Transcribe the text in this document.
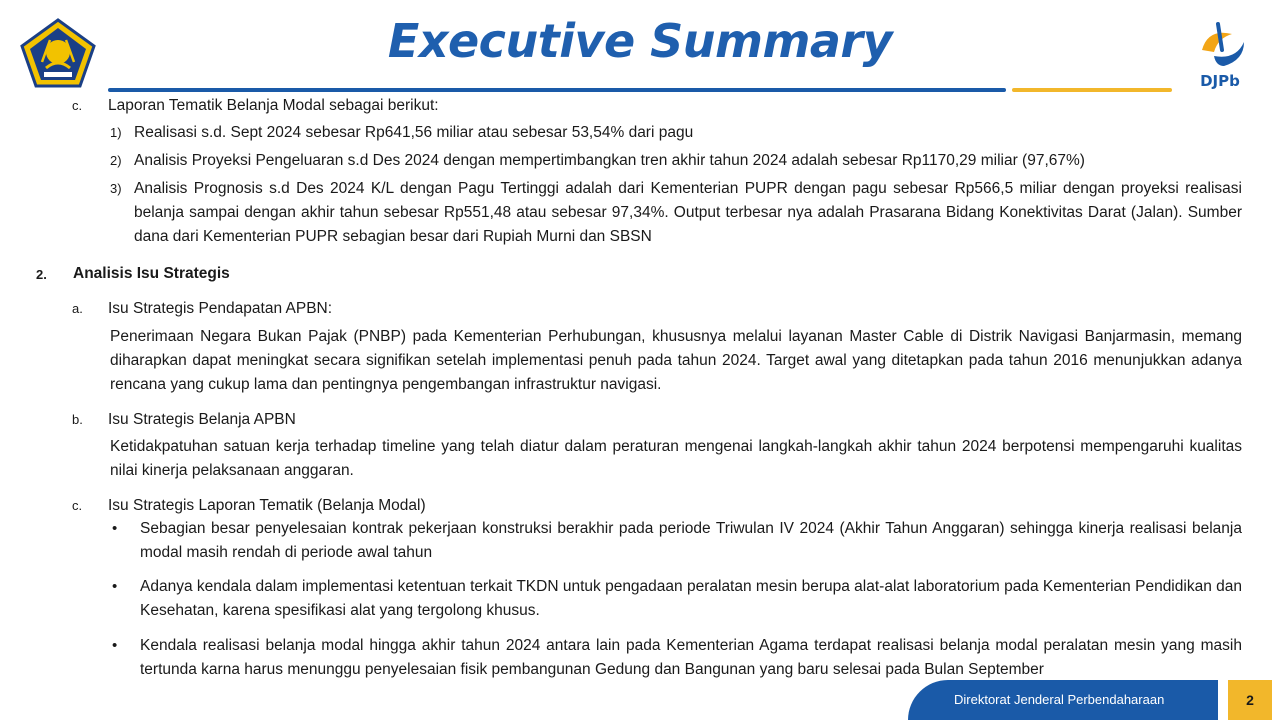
DJPb
Executive Summary
c. Laporan Tematik Belanja Modal sebagai berikut:
1) Realisasi s.d. Sept 2024 sebesar Rp641,56 miliar atau sebesar 53,54% dari pagu
2) Analisis Proyeksi Pengeluaran s.d Des 2024 dengan mempertimbangkan tren akhir tahun 2024 adalah sebesar Rp1170,29 miliar (97,67%)
3) Analisis Prognosis s.d Des 2024 K/L dengan Pagu Tertinggi adalah dari Kementerian PUPR dengan pagu sebesar Rp566,5 miliar dengan proyeksi realisasi belanja sampai dengan akhir tahun sebesar Rp551,48 atau sebesar 97,34%. Output terbesar nya adalah Prasarana Bidang Konektivitas Darat (Jalan). Sumber dana dari Kementerian PUPR sebagian besar dari Rupiah Murni dan SBSN
2. Analisis Isu Strategis
a. Isu Strategis Pendapatan APBN:
Penerimaan Negara Bukan Pajak (PNBP) pada Kementerian Perhubungan, khususnya melalui layanan Master Cable di Distrik Navigasi Banjarmasin, memang diharapkan dapat meningkat secara signifikan setelah implementasi penuh pada tahun 2024. Target awal yang ditetapkan pada tahun 2016 menunjukkan adanya rencana yang cukup lama dan pentingnya pengembangan infrastruktur navigasi.
b. Isu Strategis Belanja APBN
Ketidakpatuhan satuan kerja terhadap timeline yang telah diatur dalam peraturan mengenai langkah-langkah akhir tahun 2024 berpotensi mempengaruhi kualitas nilai kinerja pelaksanaan anggaran.
c. Isu Strategis Laporan Tematik (Belanja Modal)
• Sebagian besar penyelesaian kontrak pekerjaan konstruksi berakhir pada periode Triwulan IV 2024 (Akhir Tahun Anggaran) sehingga kinerja realisasi belanja modal masih rendah di periode awal tahun
• Adanya kendala dalam implementasi ketentuan terkait TKDN untuk pengadaan peralatan mesin berupa alat-alat laboratorium pada Kementerian Pendidikan dan Kesehatan, karena spesifikasi alat yang tergolong khusus.
• Kendala realisasi belanja modal hingga akhir tahun 2024 antara lain pada Kementerian Agama terdapat realisasi belanja modal peralatan mesin yang masih tertunda karna harus menunggu penyelesaian fisik pembangunan Gedung dan Bangunan yang baru selesai pada Bulan September
Direktorat Jenderal Perbendaharaan	2
